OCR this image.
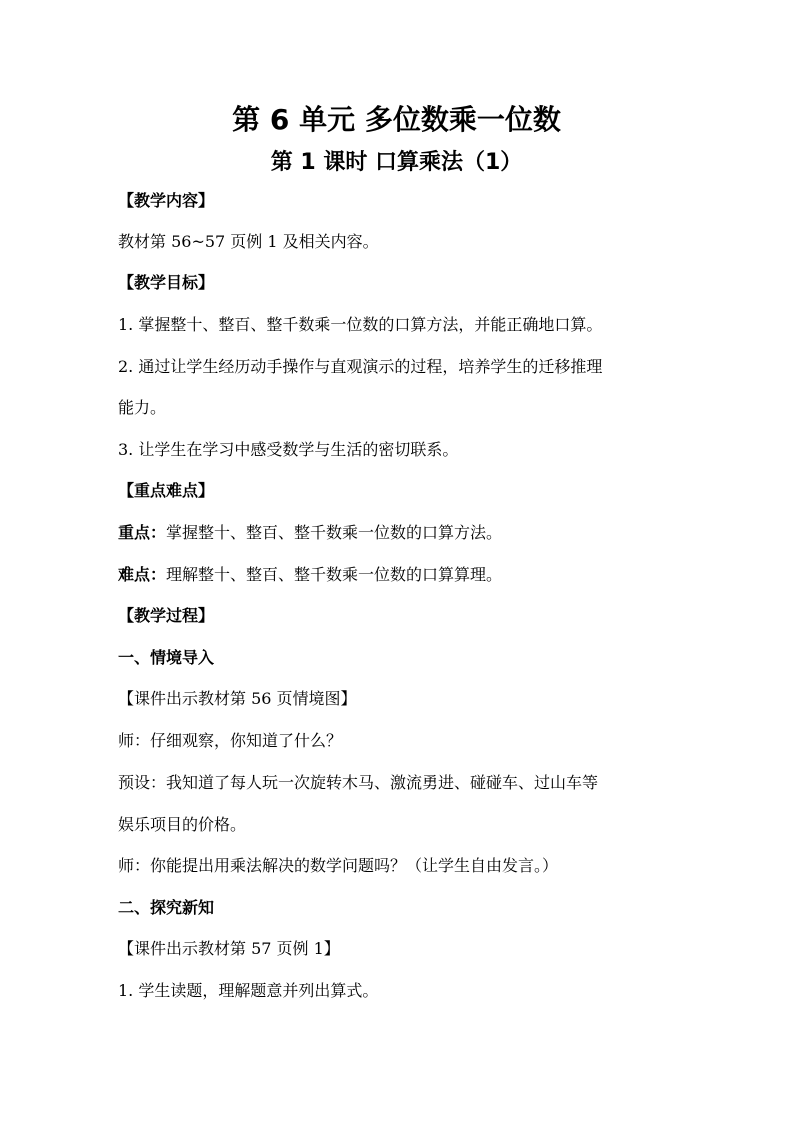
第 6 单元 多位数乘一位数
第 1 课时 口算乘法（1）
【教学内容】
教材第 56~57 页例 1 及相关内容。
【教学目标】
1. 掌握整十、整百、整千数乘一位数的口算方法，并能正确地口算。
2. 通过让学生经历动手操作与直观演示的过程，培养学生的迁移推理
能力。
3. 让学生在学习中感受数学与生活的密切联系。
【重点难点】
重点：掌握整十、整百、整千数乘一位数的口算方法。
难点：理解整十、整百、整千数乘一位数的口算算理。
【教学过程】
一、情境导入
【课件出示教材第 56 页情境图】
师：仔细观察，你知道了什么？
预设：我知道了每人玩一次旋转木马、激流勇进、碰碰车、过山车等
娱乐项目的价格。
师：你能提出用乘法解决的数学问题吗？（让学生自由发言。）
二、探究新知
【课件出示教材第 57 页例 1】
1. 学生读题，理解题意并列出算式。
